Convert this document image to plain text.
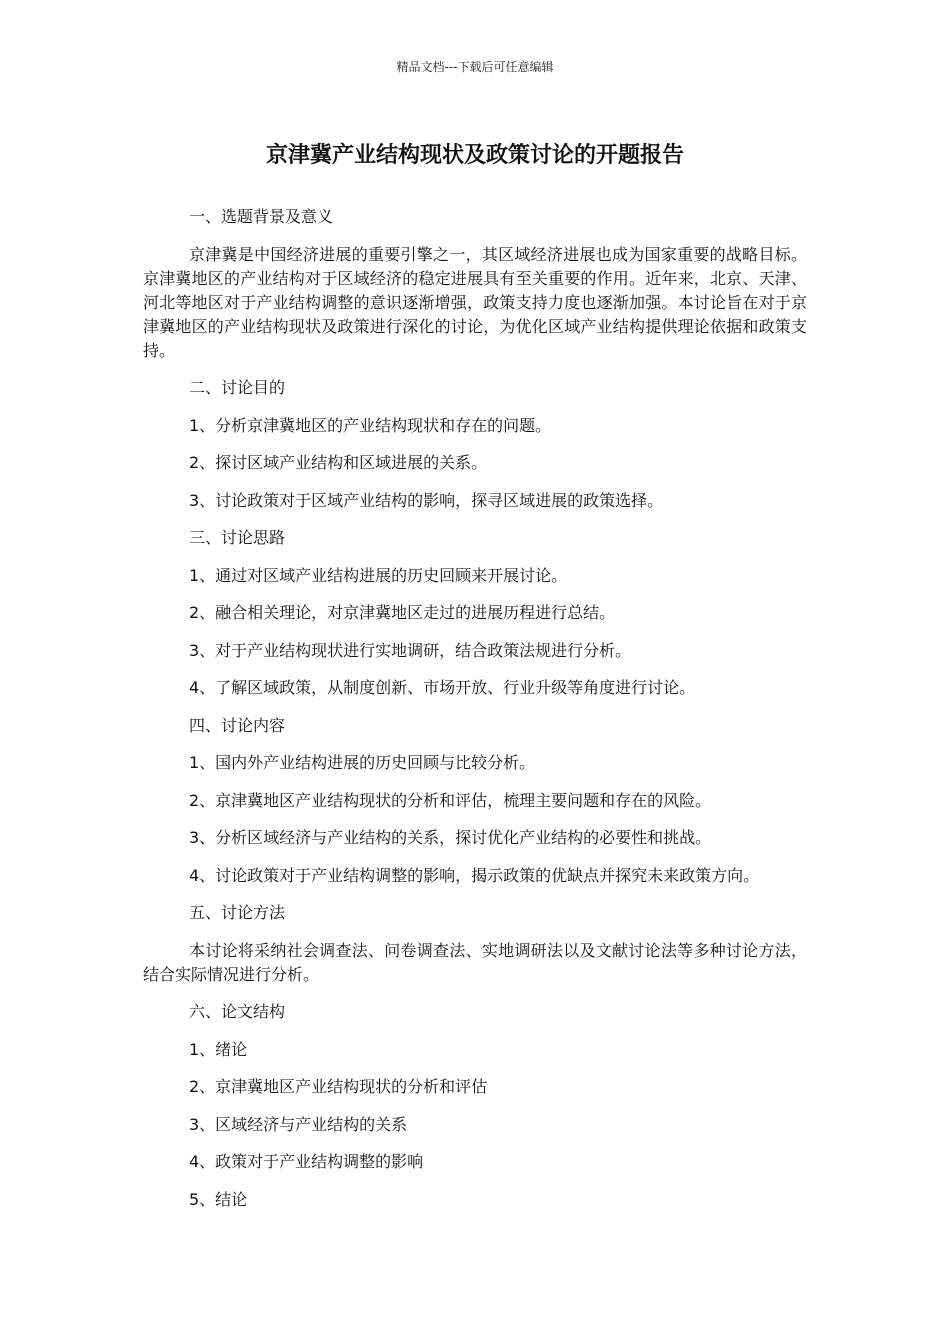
精品文档---下载后可任意编辑
京津冀产业结构现状及政策讨论的开题报告

一、选题背景及意义

京津冀是中国经济进展的重要引擎之一，其区域经济进展也成为国家重要的战略目标。京津冀地区的产业结构对于区域经济的稳定进展具有至关重要的作用。近年来，北京、天津、河北等地区对于产业结构调整的意识逐渐增强，政策支持力度也逐渐加强。本讨论旨在对于京津冀地区的产业结构现状及政策进行深化的讨论，为优化区域产业结构提供理论依据和政策支持。

二、讨论目的

1、分析京津冀地区的产业结构现状和存在的问题。

2、探讨区域产业结构和区域进展的关系。

3、讨论政策对于区域产业结构的影响，探寻区域进展的政策选择。

三、讨论思路

1、通过对区域产业结构进展的历史回顾来开展讨论。

2、融合相关理论，对京津冀地区走过的进展历程进行总结。

3、对于产业结构现状进行实地调研，结合政策法规进行分析。

4、了解区域政策，从制度创新、市场开放、行业升级等角度进行讨论。

四、讨论内容

1、国内外产业结构进展的历史回顾与比较分析。

2、京津冀地区产业结构现状的分析和评估，梳理主要问题和存在的风险。

3、分析区域经济与产业结构的关系，探讨优化产业结构的必要性和挑战。

4、讨论政策对于产业结构调整的影响，揭示政策的优缺点并探究未来政策方向。

五、讨论方法

本讨论将采纳社会调查法、问卷调查法、实地调研法以及文献讨论法等多种讨论方法，结合实际情况进行分析。

六、论文结构

1、绪论

2、京津冀地区产业结构现状的分析和评估

3、区域经济与产业结构的关系

4、政策对于产业结构调整的影响

5、结论
